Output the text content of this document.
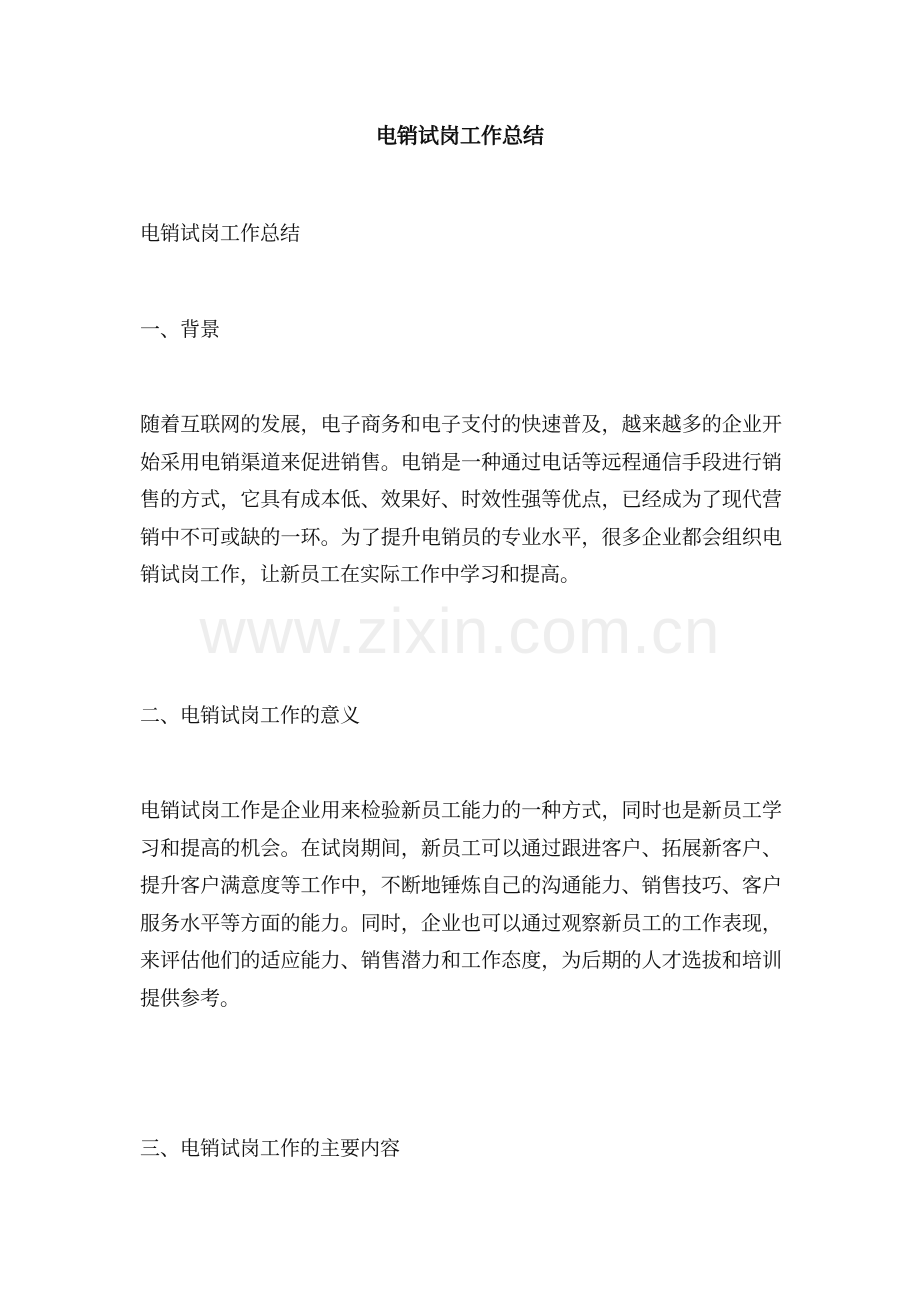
电销试岗工作总结

电销试岗工作总结

一、背景

随着互联网的发展，电子商务和电子支付的快速普及，越来越多的企业开始采用电销渠道来促进销售。电销是一种通过电话等远程通信手段进行销售的方式，它具有成本低、效果好、时效性强等优点，已经成为了现代营销中不可或缺的一环。为了提升电销员的专业水平，很多企业都会组织电销试岗工作，让新员工在实际工作中学习和提高。

二、电销试岗工作的意义

电销试岗工作是企业用来检验新员工能力的一种方式，同时也是新员工学习和提高的机会。在试岗期间，新员工可以通过跟进客户、拓展新客户、提升客户满意度等工作中，不断地锤炼自己的沟通能力、销售技巧、客户服务水平等方面的能力。同时，企业也可以通过观察新员工的工作表现，来评估他们的适应能力、销售潜力和工作态度，为后期的人才选拔和培训提供参考。

三、电销试岗工作的主要内容

www.zixin.com.cn
